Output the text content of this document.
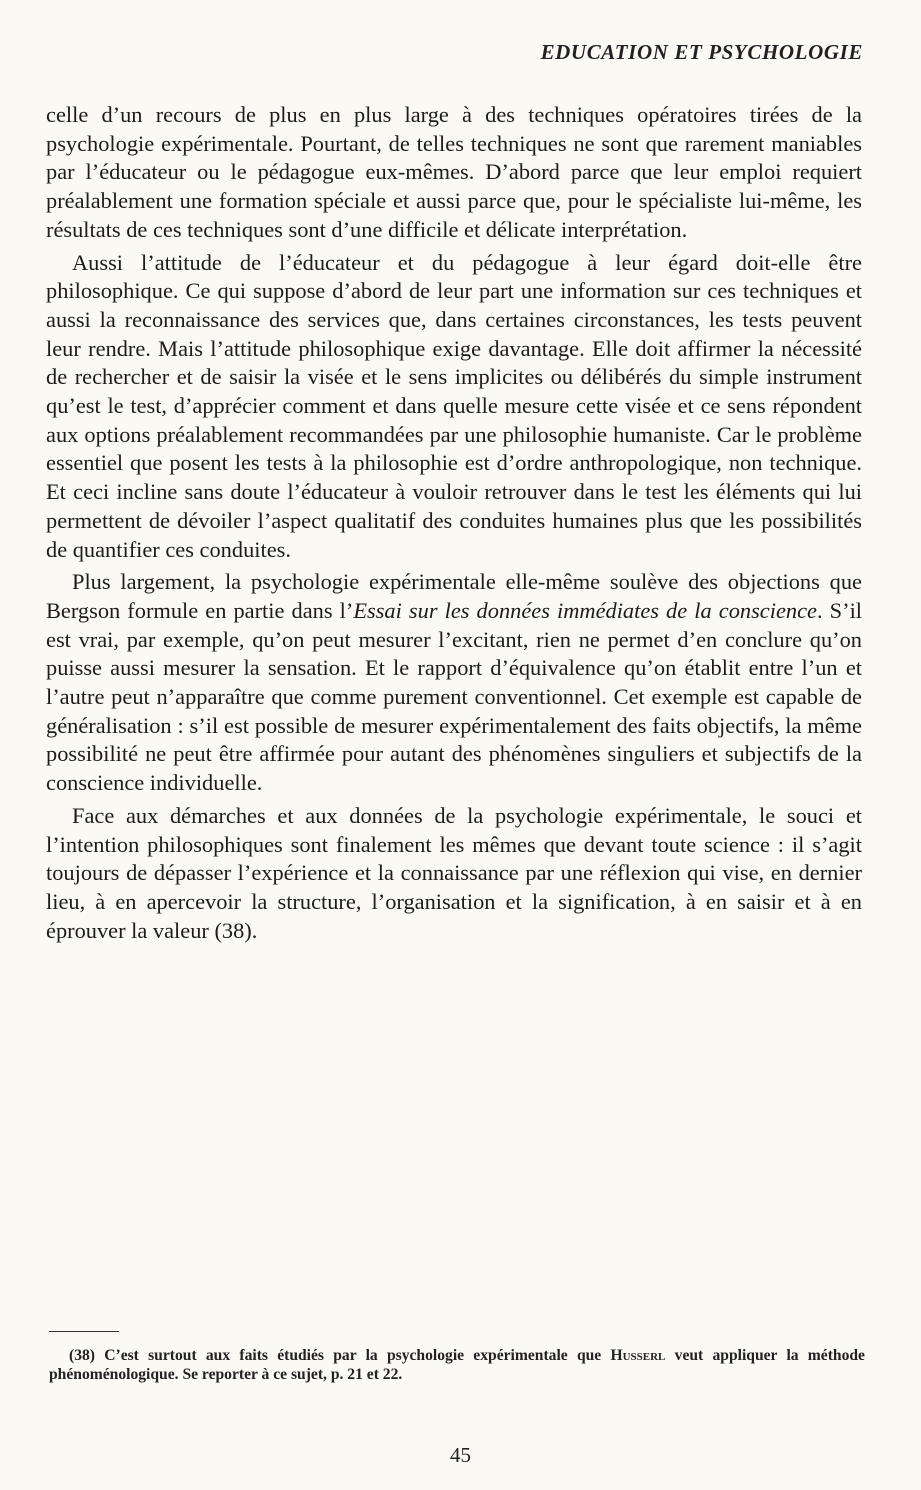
EDUCATION ET PSYCHOLOGIE

celle d’un recours de plus en plus large à des techniques opératoires tirées de la psychologie expérimentale. Pourtant, de telles techniques ne sont que rarement maniables par l’éducateur ou le pédagogue eux-mêmes. D’abord parce que leur emploi requiert préalablement une formation spéciale et aussi parce que, pour le spécialiste lui-même, les résultats de ces techniques sont d’une difficile et délicate interprétation.

Aussi l’attitude de l’éducateur et du pédagogue à leur égard doit-elle être philosophique. Ce qui suppose d’abord de leur part une information sur ces techniques et aussi la reconnaissance des services que, dans certaines circonstances, les tests peuvent leur rendre. Mais l’attitude philosophique exige davantage. Elle doit affirmer la nécessité de rechercher et de saisir la visée et le sens implicites ou délibérés du simple instrument qu’est le test, d’apprécier comment et dans quelle mesure cette visée et ce sens répondent aux options préalablement recommandées par une philosophie humaniste. Car le problème essentiel que posent les tests à la philosophie est d’ordre anthropologique, non technique. Et ceci incline sans doute l’éducateur à vouloir retrouver dans le test les éléments qui lui permettent de dévoiler l’aspect qualitatif des conduites humaines plus que les possibilités de quantifier ces conduites.

Plus largement, la psychologie expérimentale elle-même soulève des objections que Bergson formule en partie dans l’Essai sur les données immédiates de la conscience. S’il est vrai, par exemple, qu’on peut mesurer l’excitant, rien ne permet d’en conclure qu’on puisse aussi mesurer la sensation. Et le rapport d’équivalence qu’on établit entre l’un et l’autre peut n’apparaître que comme purement conventionnel. Cet exemple est capable de généralisation : s’il est possible de mesurer expérimentalement des faits objectifs, la même possibilité ne peut être affirmée pour autant des phénomènes singuliers et subjectifs de la conscience individuelle.

Face aux démarches et aux données de la psychologie expérimentale, le souci et l’intention philosophiques sont finalement les mêmes que devant toute science : il s’agit toujours de dépasser l’expérience et la connaissance par une réflexion qui vise, en dernier lieu, à en apercevoir la structure, l’organisation et la signification, à en saisir et à en éprouver la valeur (38).

(38) C’est surtout aux faits étudiés par la psychologie expérimentale que Husserl veut appliquer la méthode phénoménologique. Se reporter à ce sujet, p. 21 et 22.
45
